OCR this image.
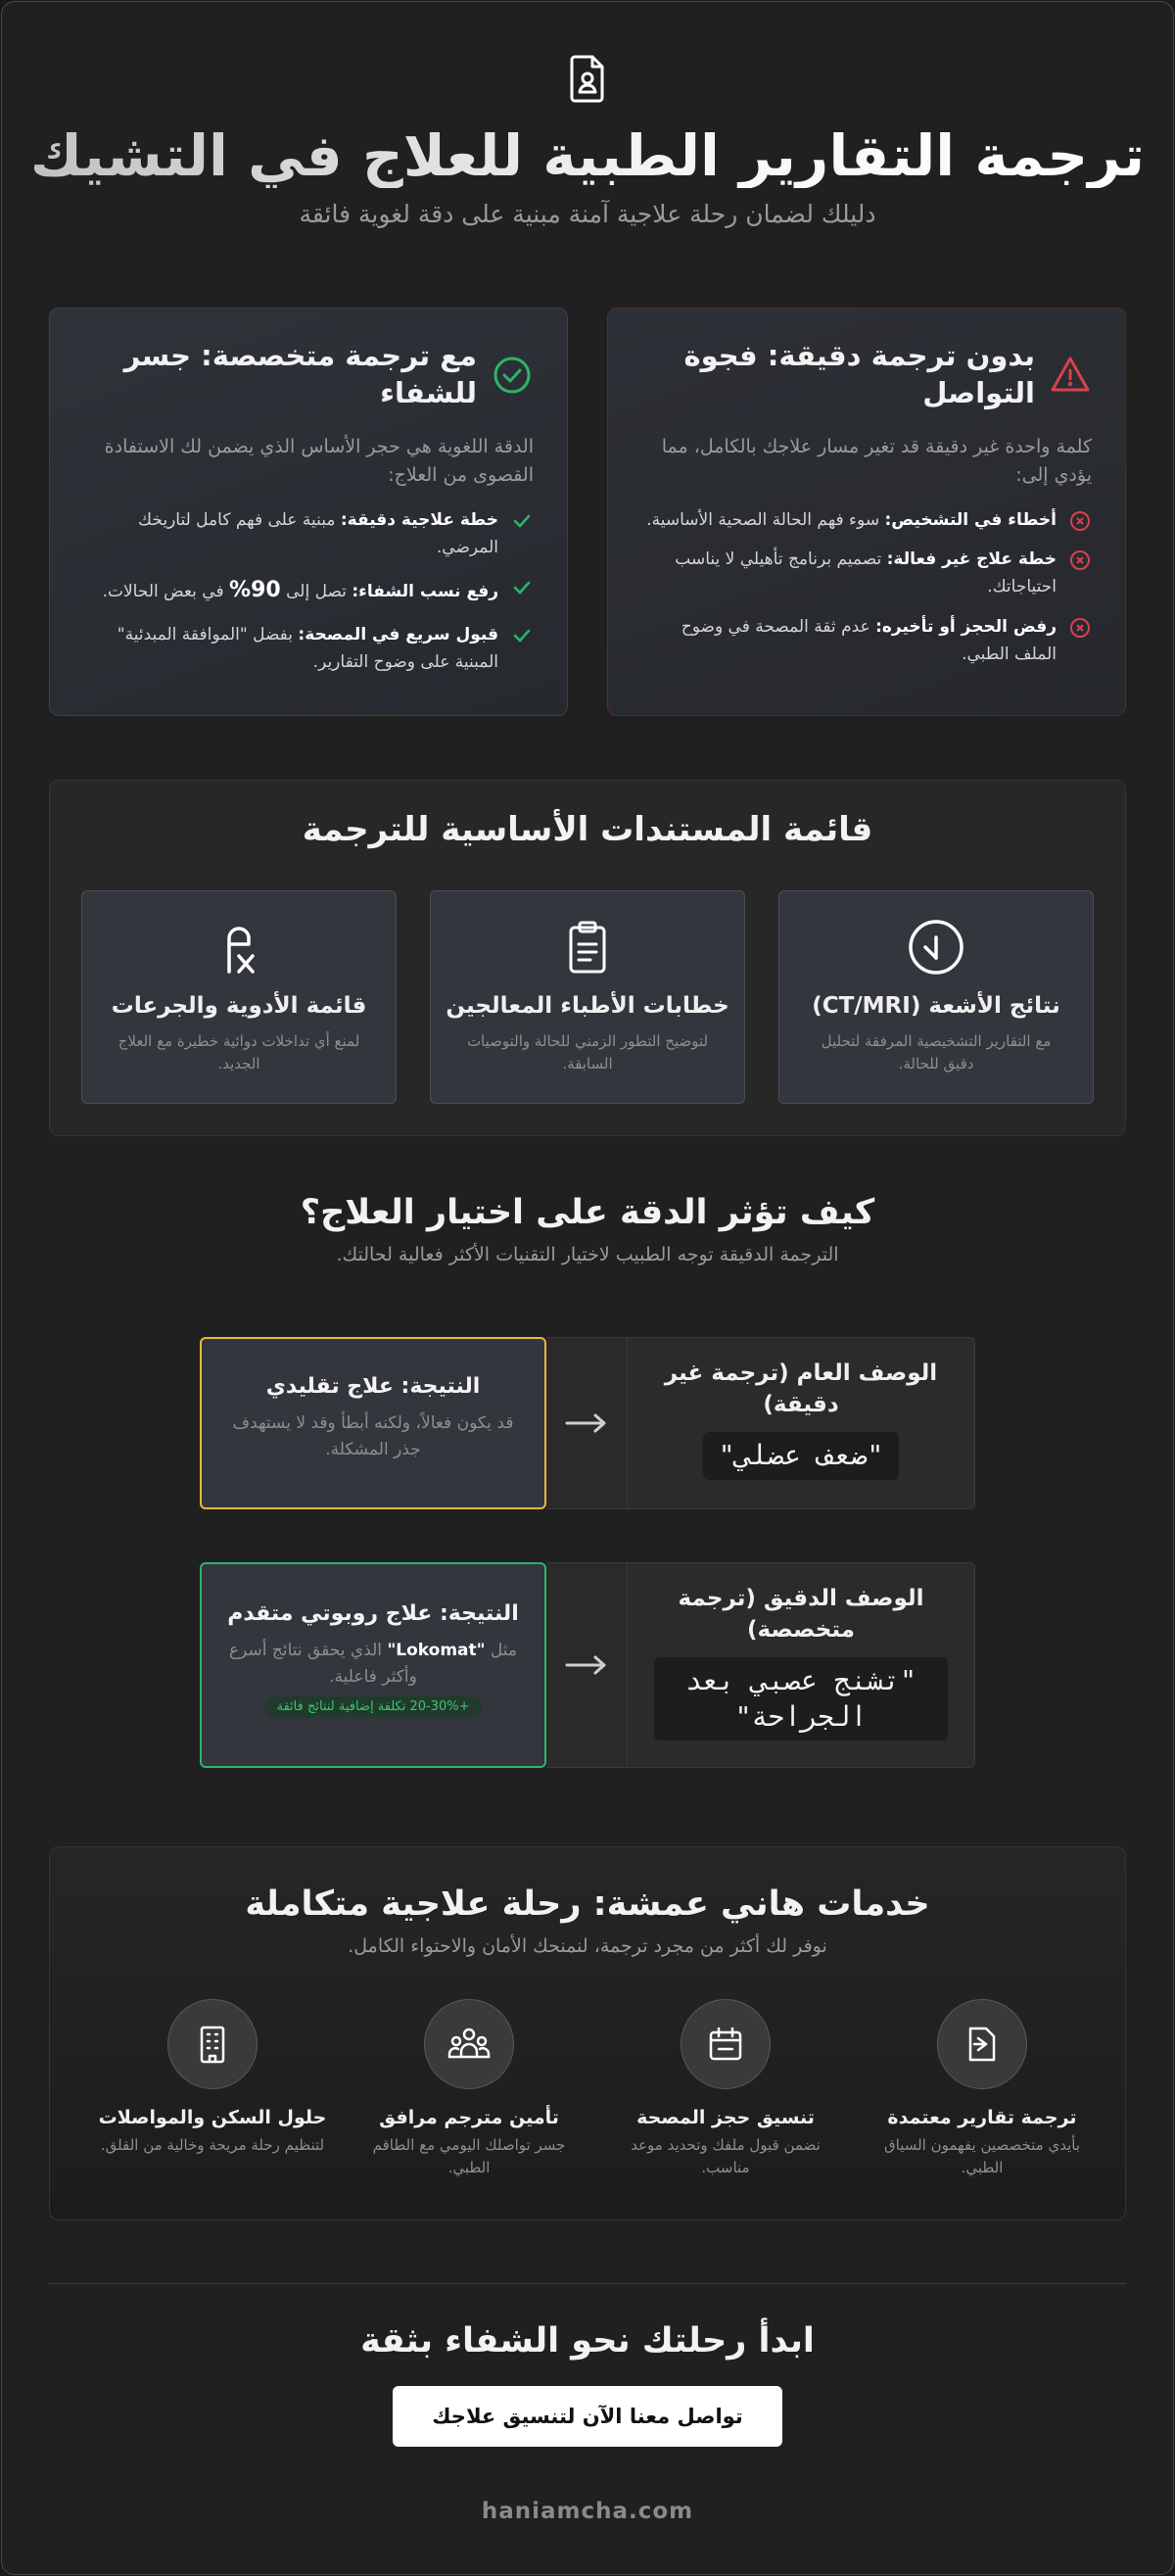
ترجمة التقارير الطبية للعلاج في التشيك

دليلك لضمان رحلة علاجية آمنة مبنية على دقة لغوية فائقة

بدون ترجمة دقيقة: فجوة التواصل

كلمة واحدة غير دقيقة قد تغير مسار علاجك بالكامل، مما يؤدي إلى:

أخطاء في التشخيص: سوء فهم الحالة الصحية الأساسية.
خطة علاج غير فعالة: تصميم برنامج تأهيلي لا يناسب احتياجاتك.
رفض الحجز أو تأخيره: عدم ثقة المصحة في وضوح الملف الطبي.
مع ترجمة متخصصة: جسر للشفاء

الدقة اللغوية هي حجر الأساس الذي يضمن لك الاستفادة القصوى من العلاج:

خطة علاجية دقيقة: مبنية على فهم كامل لتاريخك المرضي.
رفع نسب الشفاء: تصل إلى 90% في بعض الحالات.
قبول سريع في المصحة: بفضل "الموافقة المبدئية" المبنية على وضوح التقارير.
قائمة المستندات الأساسية للترجمة
نتائج الأشعة (CT/MRI)

مع التقارير التشخيصية المرفقة لتحليل دقيق للحالة.

خطابات الأطباء المعالجين

لتوضيح التطور الزمني للحالة والتوصيات السابقة.

قائمة الأدوية والجرعات

لمنع أي تداخلات دوائية خطيرة مع العلاج الجديد.

كيف تؤثر الدقة على اختيار العلاج؟

الترجمة الدقيقة توجه الطبيب لاختيار التقنيات الأكثر فعالية لحالتك.

الوصف العام (ترجمة غير دقيقة)
"ضعف عضلي"
النتيجة: علاج تقليدي

قد يكون فعالاً، ولكنه أبطأ وقد لا يستهدف جذر المشكلة.

الوصف الدقيق (ترجمة متخصصة)
"تشنج عصبي بعد الجراحة"
النتيجة: علاج روبوتي متقدم

مثل "Lokomat" الذي يحقق نتائج أسرع وأكثر فاعلية.

+20-30% تكلفة إضافية لنتائج فائقة
خدمات هاني عمشة: رحلة علاجية متكاملة

نوفر لك أكثر من مجرد ترجمة، لنمنحك الأمان والاحتواء الكامل.

ترجمة تقارير معتمدة

بأيدي متخصصين يفهمون السياق الطبي.

تنسيق حجز المصحة

نضمن قبول ملفك وتحديد موعد مناسب.

تأمين مترجم مرافق

جسر تواصلك اليومي مع الطاقم الطبي.

حلول السكن والمواصلات

لتنظيم رحلة مريحة وخالية من القلق.

ابدأ رحلتك نحو الشفاء بثقة
تواصل معنا الآن لتنسيق علاجك
haniamcha.com
